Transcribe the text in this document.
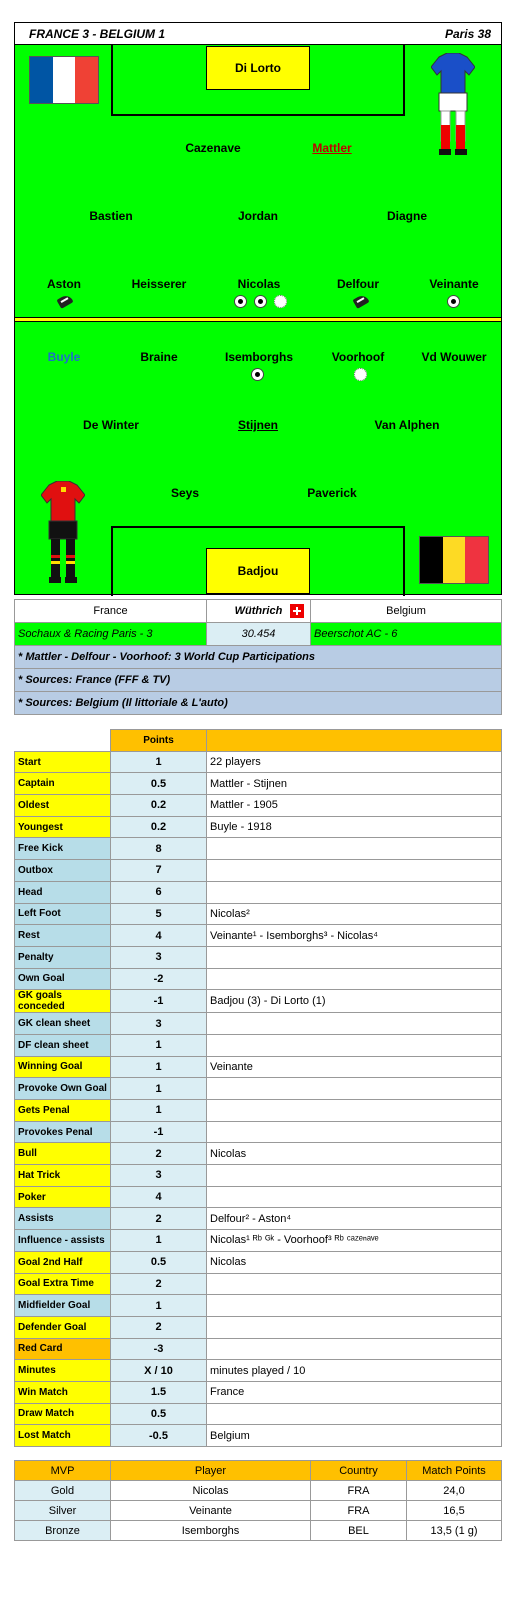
FRANCE 3 - BELGIUM 1	Paris 38
Di Lorto
Cazenave	Mattler
Bastien	Jordan	Diagne
Aston	Heisserer	Nicolas	Delfour	Veinante
Buyle	Braine	Isemborghs	Voorhoof	Vd Wouwer
De Winter	Stijnen	Van Alphen
Seys	Paverick
Badjou
France	Wüthrich	Belgium
Sochaux & Racing Paris - 3	30.454	Beerschot AC - 6
* Mattler - Delfour - Voorhoof: 3 World Cup Participations		
* Sources: France (FFF & TV)		
* Sources: Belgium (Il littoriale & L'auto)		
	Points	
Start	1	22 players
Captain	0.5	Mattler - Stijnen
Oldest	0.2	Mattler - 1905
Youngest	0.2	Buyle - 1918
Free Kick	8	
Outbox	7	
Head	6	
Left Foot	5	Nicolas²
Rest	4	Veinante¹ - Isemborghs³ - Nicolas⁴
Penalty	3	
Own Goal	-2	
GK goals conceded	-1	Badjou (3) - Di Lorto (1)
GK clean sheet	3	
DF clean sheet	1	
Winning Goal	1	Veinante
Provoke Own Goal	1	
Gets Penal	1	
Provokes Penal	-1	
Bull	2	Nicolas
Hat Trick	3	
Poker	4	
Assists	2	Delfour² - Aston⁴
Influence - assists	1	Nicolas¹ ᴿᵇ ᴳᵏ - Voorhoof³ ᴿᵇ ᶜᵃᶻᵉⁿᵃᵛᵉ
Goal 2nd Half	0.5	Nicolas
Goal Extra Time	2	
Midfielder Goal	1	
Defender Goal	2	
Red Card	-3	
Minutes	X / 10	minutes played / 10
Win Match	1.5	France
Draw Match	0.5	
Lost Match	-0.5	Belgium
MVP	Player	Country	Match Points
Gold	Nicolas	FRA	24,0
Silver	Veinante	FRA	16,5
Bronze	Isemborghs	BEL	13,5 (1 g)
